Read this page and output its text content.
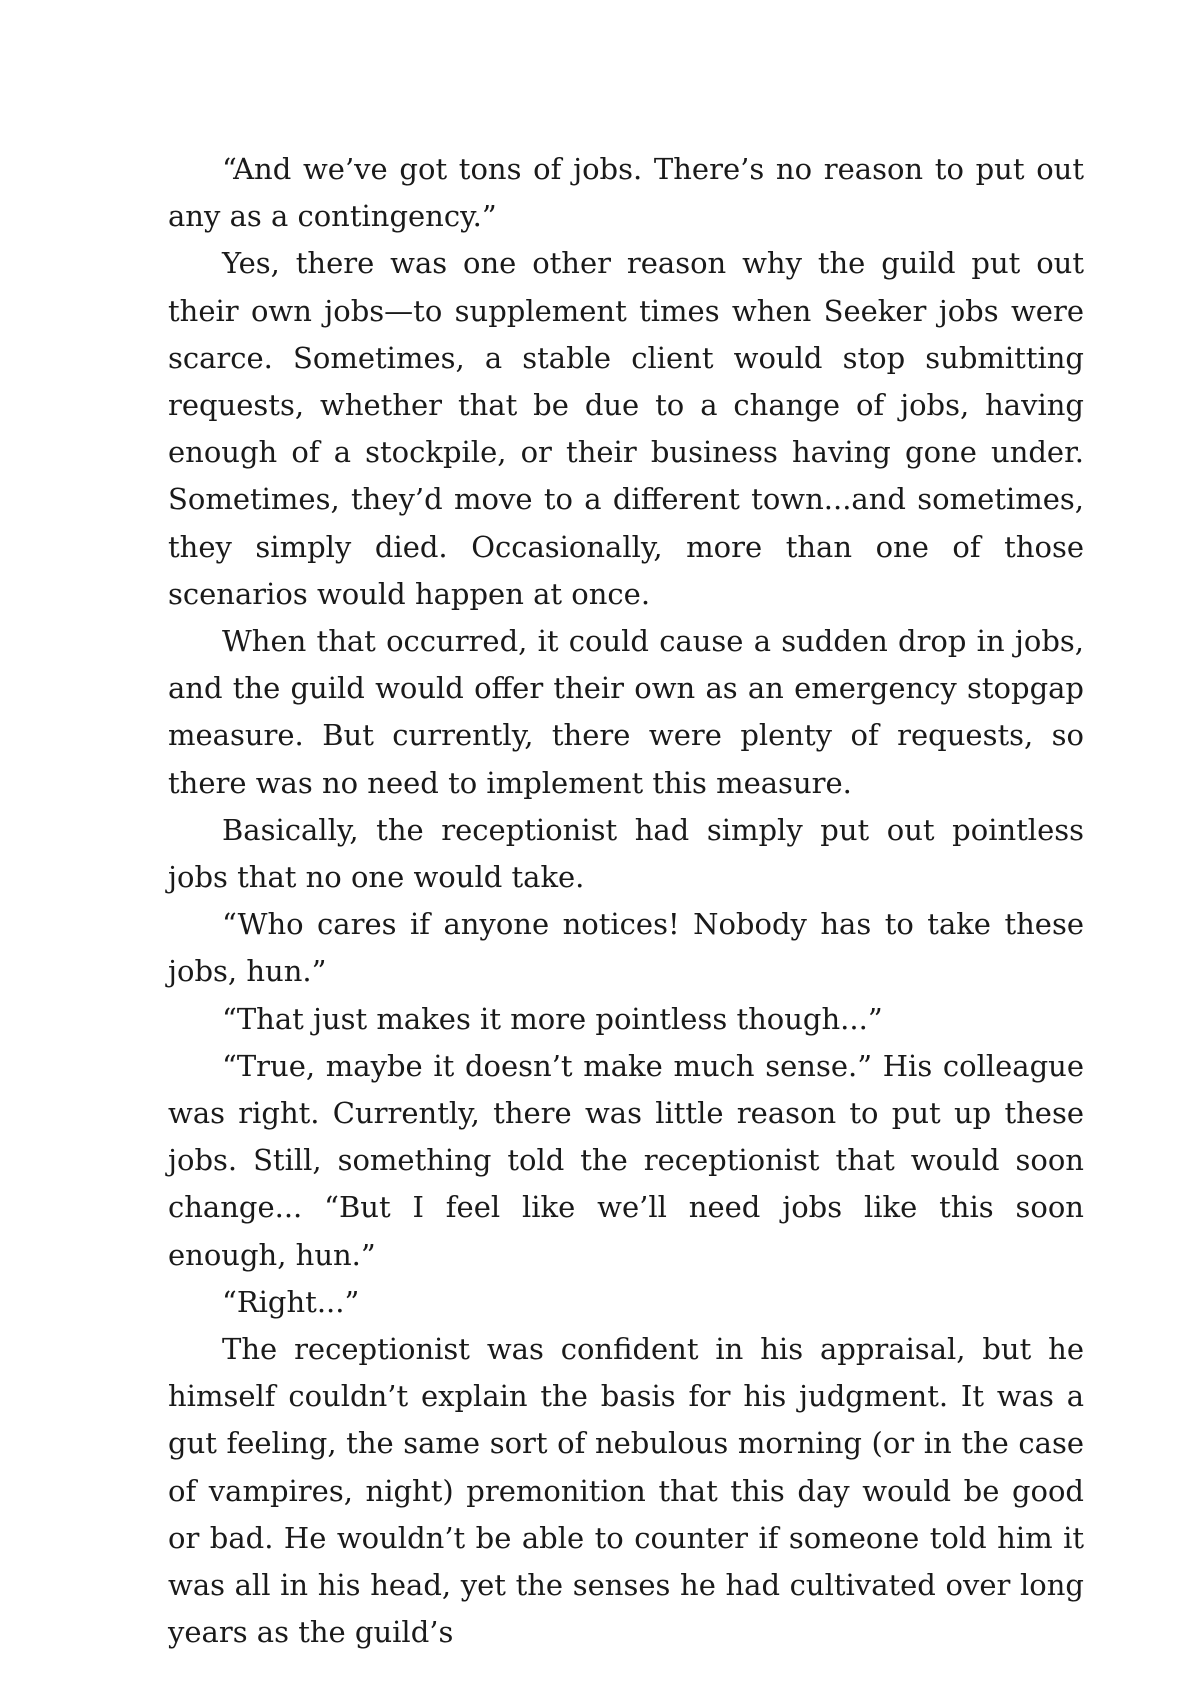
“And we’ve got tons of jobs. There’s no reason to put out any as a contingency.”

Yes, there was one other reason why the guild put out their own jobs—to supplement times when Seeker jobs were scarce. Sometimes, a stable client would stop submitting requests, whether that be due to a change of jobs, having enough of a stockpile, or their business having gone under. Sometimes, they’d move to a different town...and sometimes, they simply died. Occasionally, more than one of those scenarios would happen at once.

When that occurred, it could cause a sudden drop in jobs, and the guild would offer their own as an emergency stopgap measure. But currently, there were plenty of requests, so there was no need to implement this measure.

Basically, the receptionist had simply put out pointless jobs that no one would take.

“Who cares if anyone notices! Nobody has to take these jobs, hun.”

“That just makes it more pointless though...”

“True, maybe it doesn’t make much sense.” His colleague was right. Currently, there was little reason to put up these jobs. Still, something told the receptionist that would soon change... “But I feel like we’ll need jobs like this soon enough, hun.”

“Right...”

The receptionist was confident in his appraisal, but he himself couldn’t explain the basis for his judgment. It was a gut feeling, the same sort of nebulous morning (or in the case of vampires, night) premonition that this day would be good or bad. He wouldn’t be able to counter if someone told him it was all in his head, yet the senses he had cultivated over long years as the guild’s
